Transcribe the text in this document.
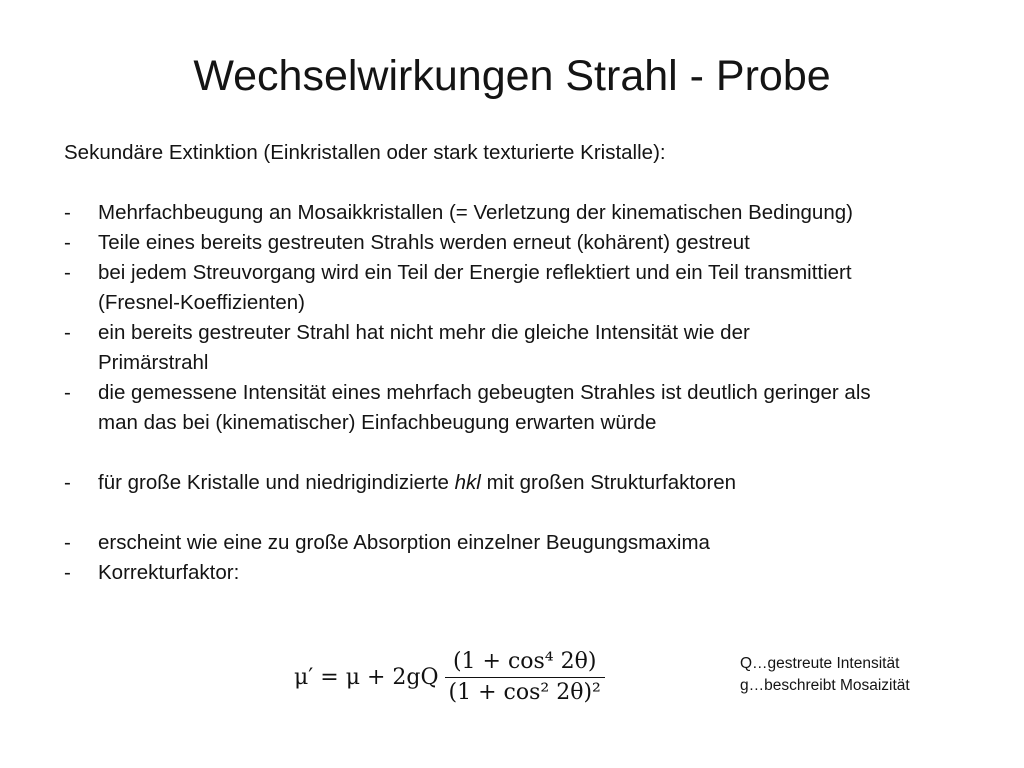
Wechselwirkungen Strahl - Probe
Sekundäre Extinktion (Einkristallen oder stark texturierte Kristalle):
- Mehrfachbeugung an Mosaikkristallen (= Verletzung der kinematischen Bedingung)
- Teile eines bereits gestreuten Strahls werden erneut (kohärent) gestreut
- bei jedem Streuvorgang wird ein Teil der Energie reflektiert und ein Teil transmittiert
(Fresnel-Koeffizienten)
- ein bereits gestreuter Strahl hat nicht mehr die gleiche Intensität wie der
Primärstrahl
- die gemessene Intensität eines mehrfach gebeugten Strahles ist deutlich geringer als
man das bei (kinematischer) Einfachbeugung erwarten würde
- für große Kristalle und niedrigindizierte hkl mit großen Strukturfaktoren
- erscheint wie eine zu große Absorption einzelner Beugungsmaxima
- Korrekturfaktor:
$\mu' = \mu + 2gQ \frac{\text{(1 + cos⁴ 2θ)}}{\text{(1 + cos² 2θ)²}}$	Q…gestreute Intensität
g…beschreibt Mosaizität
